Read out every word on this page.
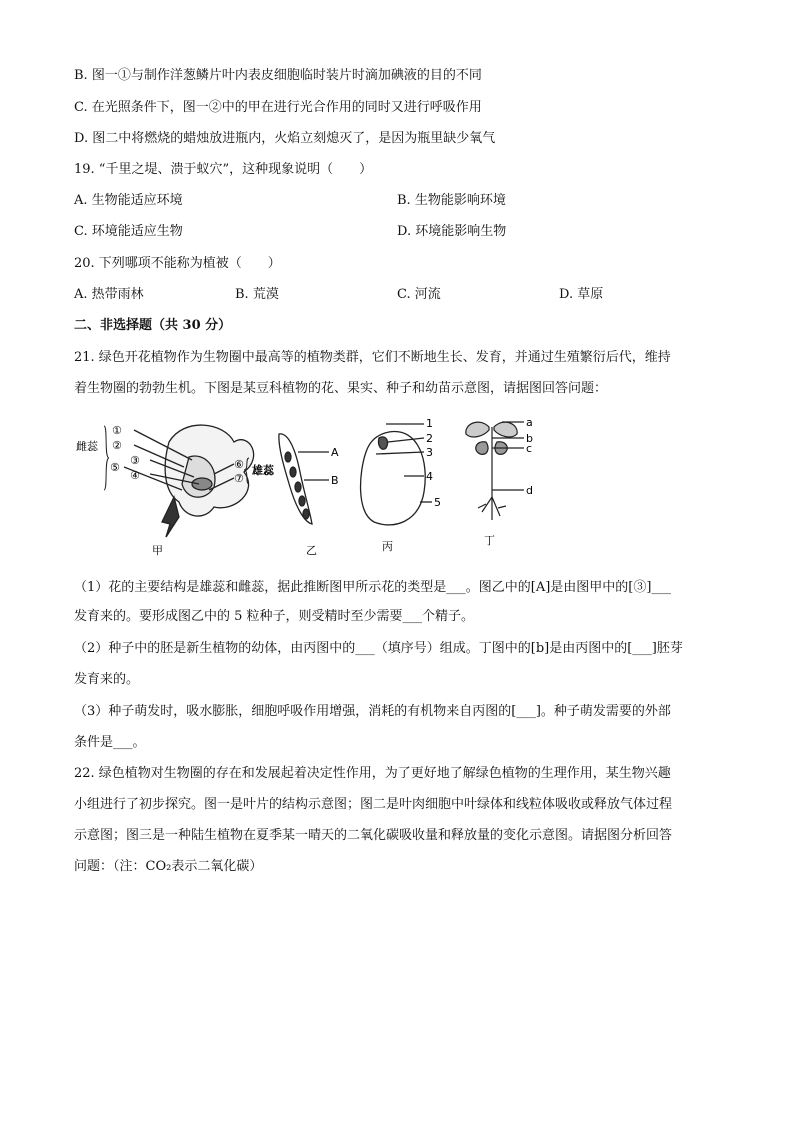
B. 图一①与制作洋葱鳞片叶内表皮细胞临时装片时滴加碘液的目的不同
C. 在光照条件下，图一②中的甲在进行光合作用的同时又进行呼吸作用
D. 图二中将燃烧的蜡烛放进瓶内，火焰立刻熄灭了，是因为瓶里缺少氧气
19. “千里之堤、溃于蚁穴”，这种现象说明（　　）
A. 生物能适应环境	B. 生物能影响环境
C. 环境能适应生物	D. 环境能影响生物
20. 下列哪项不能称为植被（　　）
A. 热带雨林	B. 荒漠	C. 河流	D. 草原
二、非选择题（共 30 分）
21. 绿色开花植物作为生物圈中最高等的植物类群，它们不断地生长、发育，并通过生殖繁衍后代，维持
着生物圈的勃勃生机。下图是某豆科植物的花、果实、种子和幼苗示意图，请据图回答问题：
雌蕊
①
②
③
④
⑤	⑥
⑦
雄蕊
甲
A
B
乙
1
2
3
4
5
丙
a
b
c
d
丁
（1）花的主要结构是雄蕊和雌蕊，据此推断图甲所示花的类型是___。图乙中的[A]是由图甲中的[③]___
发育来的。要形成图乙中的 5 粒种子，则受精时至少需要___个精子。
（2）种子中的胚是新生植物的幼体，由丙图中的___（填序号）组成。丁图中的[b]是由丙图中的[___]胚芽
发育来的。
（3）种子萌发时，吸水膨胀，细胞呼吸作用增强，消耗的有机物来自丙图的[___]。种子萌发需要的外部
条件是___。
22. 绿色植物对生物圈的存在和发展起着决定性作用，为了更好地了解绿色植物的生理作用，某生物兴趣
小组进行了初步探究。图一是叶片的结构示意图；图二是叶肉细胞中叶绿体和线粒体吸收或释放气体过程
示意图；图三是一种陆生植物在夏季某一晴天的二氧化碳吸收量和释放量的变化示意图。请据图分析回答
问题：（注：CO₂表示二氧化碳）
